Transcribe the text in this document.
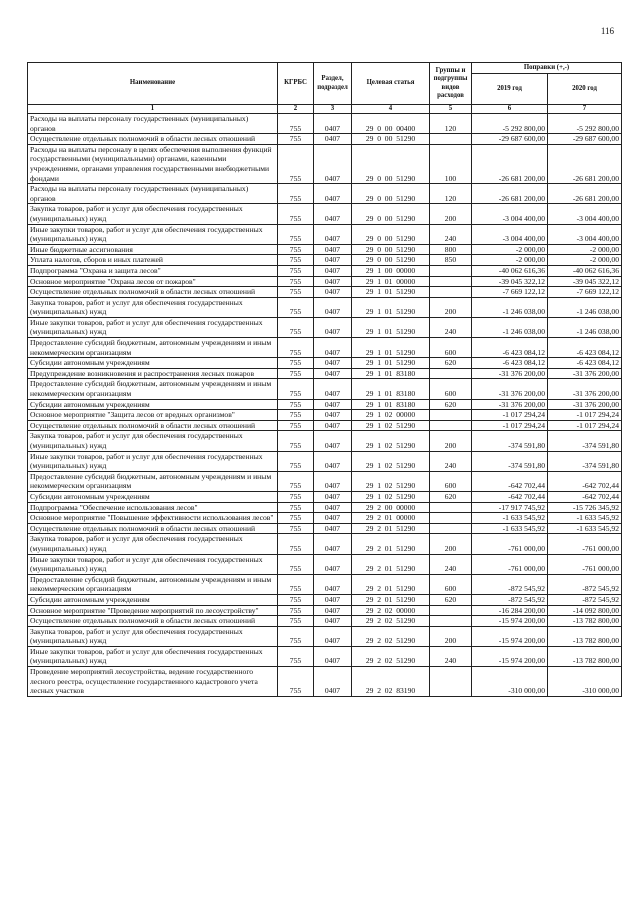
116
Наименование	КГРБС	Раздел, подраздел	Целевая статья	Группы и подгруппы видов расходов	Поправки (+,-)	
					2019 год	2020 год
1	2	3	4	5	6	7
Расходы на выплаты персоналу государственных (муниципальных) органов	755	0407	29  0  00  00400	120	-5 292 800,00	-5 292 800,00
Осуществление отдельных полномочий в области лесных отношений	755	0407	29  0  00  51290		-29 687 600,00	-29 687 600,00
Расходы на выплаты персоналу в целях обеспечения выполнения функций государственными (муниципальными) органами, казенными учреждениями, органами управления государственными внебюджетными фондами	755	0407	29  0  00  51290	100	-26 681 200,00	-26 681 200,00
Расходы на выплаты персоналу государственных (муниципальных) органов	755	0407	29  0  00  51290	120	-26 681 200,00	-26 681 200,00
Закупка товаров, работ и услуг для обеспечения государственных (муниципальных) нужд	755	0407	29  0  00  51290	200	-3 004 400,00	-3 004 400,00
Иные закупки товаров, работ и услуг для обеспечения государственных (муниципальных) нужд	755	0407	29  0  00  51290	240	-3 004 400,00	-3 004 400,00
Иные бюджетные ассигнования	755	0407	29  0  00  51290	800	-2 000,00	-2 000,00
Уплата налогов, сборов и иных платежей	755	0407	29  0  00  51290	850	-2 000,00	-2 000,00
Подпрограмма "Охрана и защита лесов"	755	0407	29  1  00  00000		-40 062 616,36	-40 062 616,36
Основное мероприятие "Охрана лесов от пожаров"	755	0407	29  1  01  00000		-39 045 322,12	-39 045 322,12
Осуществление отдельных полномочий в области лесных отношений	755	0407	29  1  01  51290		-7 669 122,12	-7 669 122,12
Закупка товаров, работ и услуг для обеспечения государственных (муниципальных) нужд	755	0407	29  1  01  51290	200	-1 246 038,00	-1 246 038,00
Иные закупки товаров, работ и услуг для обеспечения государственных (муниципальных) нужд	755	0407	29  1  01  51290	240	-1 246 038,00	-1 246 038,00
Предоставление субсидий бюджетным, автономным учреждениям и иным некоммерческим организациям	755	0407	29  1  01  51290	600	-6 423 084,12	-6 423 084,12
Субсидии автономным учреждениям	755	0407	29  1  01  51290	620	-6 423 084,12	-6 423 084,12
Предупреждение возникновения и распространения лесных пожаров	755	0407	29  1  01  83180		-31 376 200,00	-31 376 200,00
Предоставление субсидий бюджетным, автономным учреждениям и иным некоммерческим организациям	755	0407	29  1  01  83180	600	-31 376 200,00	-31 376 200,00
Субсидии автономным учреждениям	755	0407	29  1  01  83180	620	-31 376 200,00	-31 376 200,00
Основное мероприятие "Защита лесов от вредных организмов"	755	0407	29  1  02  00000		-1 017 294,24	-1 017 294,24
Осуществление отдельных полномочий в области лесных отношений	755	0407	29  1  02  51290		-1 017 294,24	-1 017 294,24
Закупка товаров, работ и услуг для обеспечения государственных (муниципальных) нужд	755	0407	29  1  02  51290	200	-374 591,80	-374 591,80
Иные закупки товаров, работ и услуг для обеспечения государственных (муниципальных) нужд	755	0407	29  1  02  51290	240	-374 591,80	-374 591,80
Предоставление субсидий бюджетным, автономным учреждениям и иным некоммерческим организациям	755	0407	29  1  02  51290	600	-642 702,44	-642 702,44
Субсидии автономным учреждениям	755	0407	29  1  02  51290	620	-642 702,44	-642 702,44
Подпрограмма "Обеспечение использования лесов"	755	0407	29  2  00  00000		-17 917 745,92	-15 726 345,92
Основное мероприятие "Повышение эффективности использования лесов"	755	0407	29  2  01  00000		-1 633 545,92	-1 633 545,92
Осуществление отдельных полномочий в области лесных отношений	755	0407	29  2  01  51290		-1 633 545,92	-1 633 545,92
Закупка товаров, работ и услуг для обеспечения государственных (муниципальных) нужд	755	0407	29  2  01  51290	200	-761 000,00	-761 000,00
Иные закупки товаров, работ и услуг для обеспечения государственных (муниципальных) нужд	755	0407	29  2  01  51290	240	-761 000,00	-761 000,00
Предоставление субсидий бюджетным, автономным учреждениям и иным некоммерческим организациям	755	0407	29  2  01  51290	600	-872 545,92	-872 545,92
Субсидии автономным учреждениям	755	0407	29  2  01  51290	620	-872 545,92	-872 545,92
Основное мероприятие "Проведение мероприятий по лесоустройству"	755	0407	29  2  02  00000		-16 284 200,00	-14 092 800,00
Осуществление отдельных полномочий в области лесных отношений	755	0407	29  2  02  51290		-15 974 200,00	-13 782 800,00
Закупка товаров, работ и услуг для обеспечения государственных (муниципальных) нужд	755	0407	29  2  02  51290	200	-15 974 200,00	-13 782 800,00
Иные закупки товаров, работ и услуг для обеспечения государственных (муниципальных) нужд	755	0407	29  2  02  51290	240	-15 974 200,00	-13 782 800,00
Проведение мероприятий лесоустройства, ведение государственного лесного реестра, осуществление государственного кадастрового учета лесных участков	755	0407	29  2  02  83190		-310 000,00	-310 000,00
